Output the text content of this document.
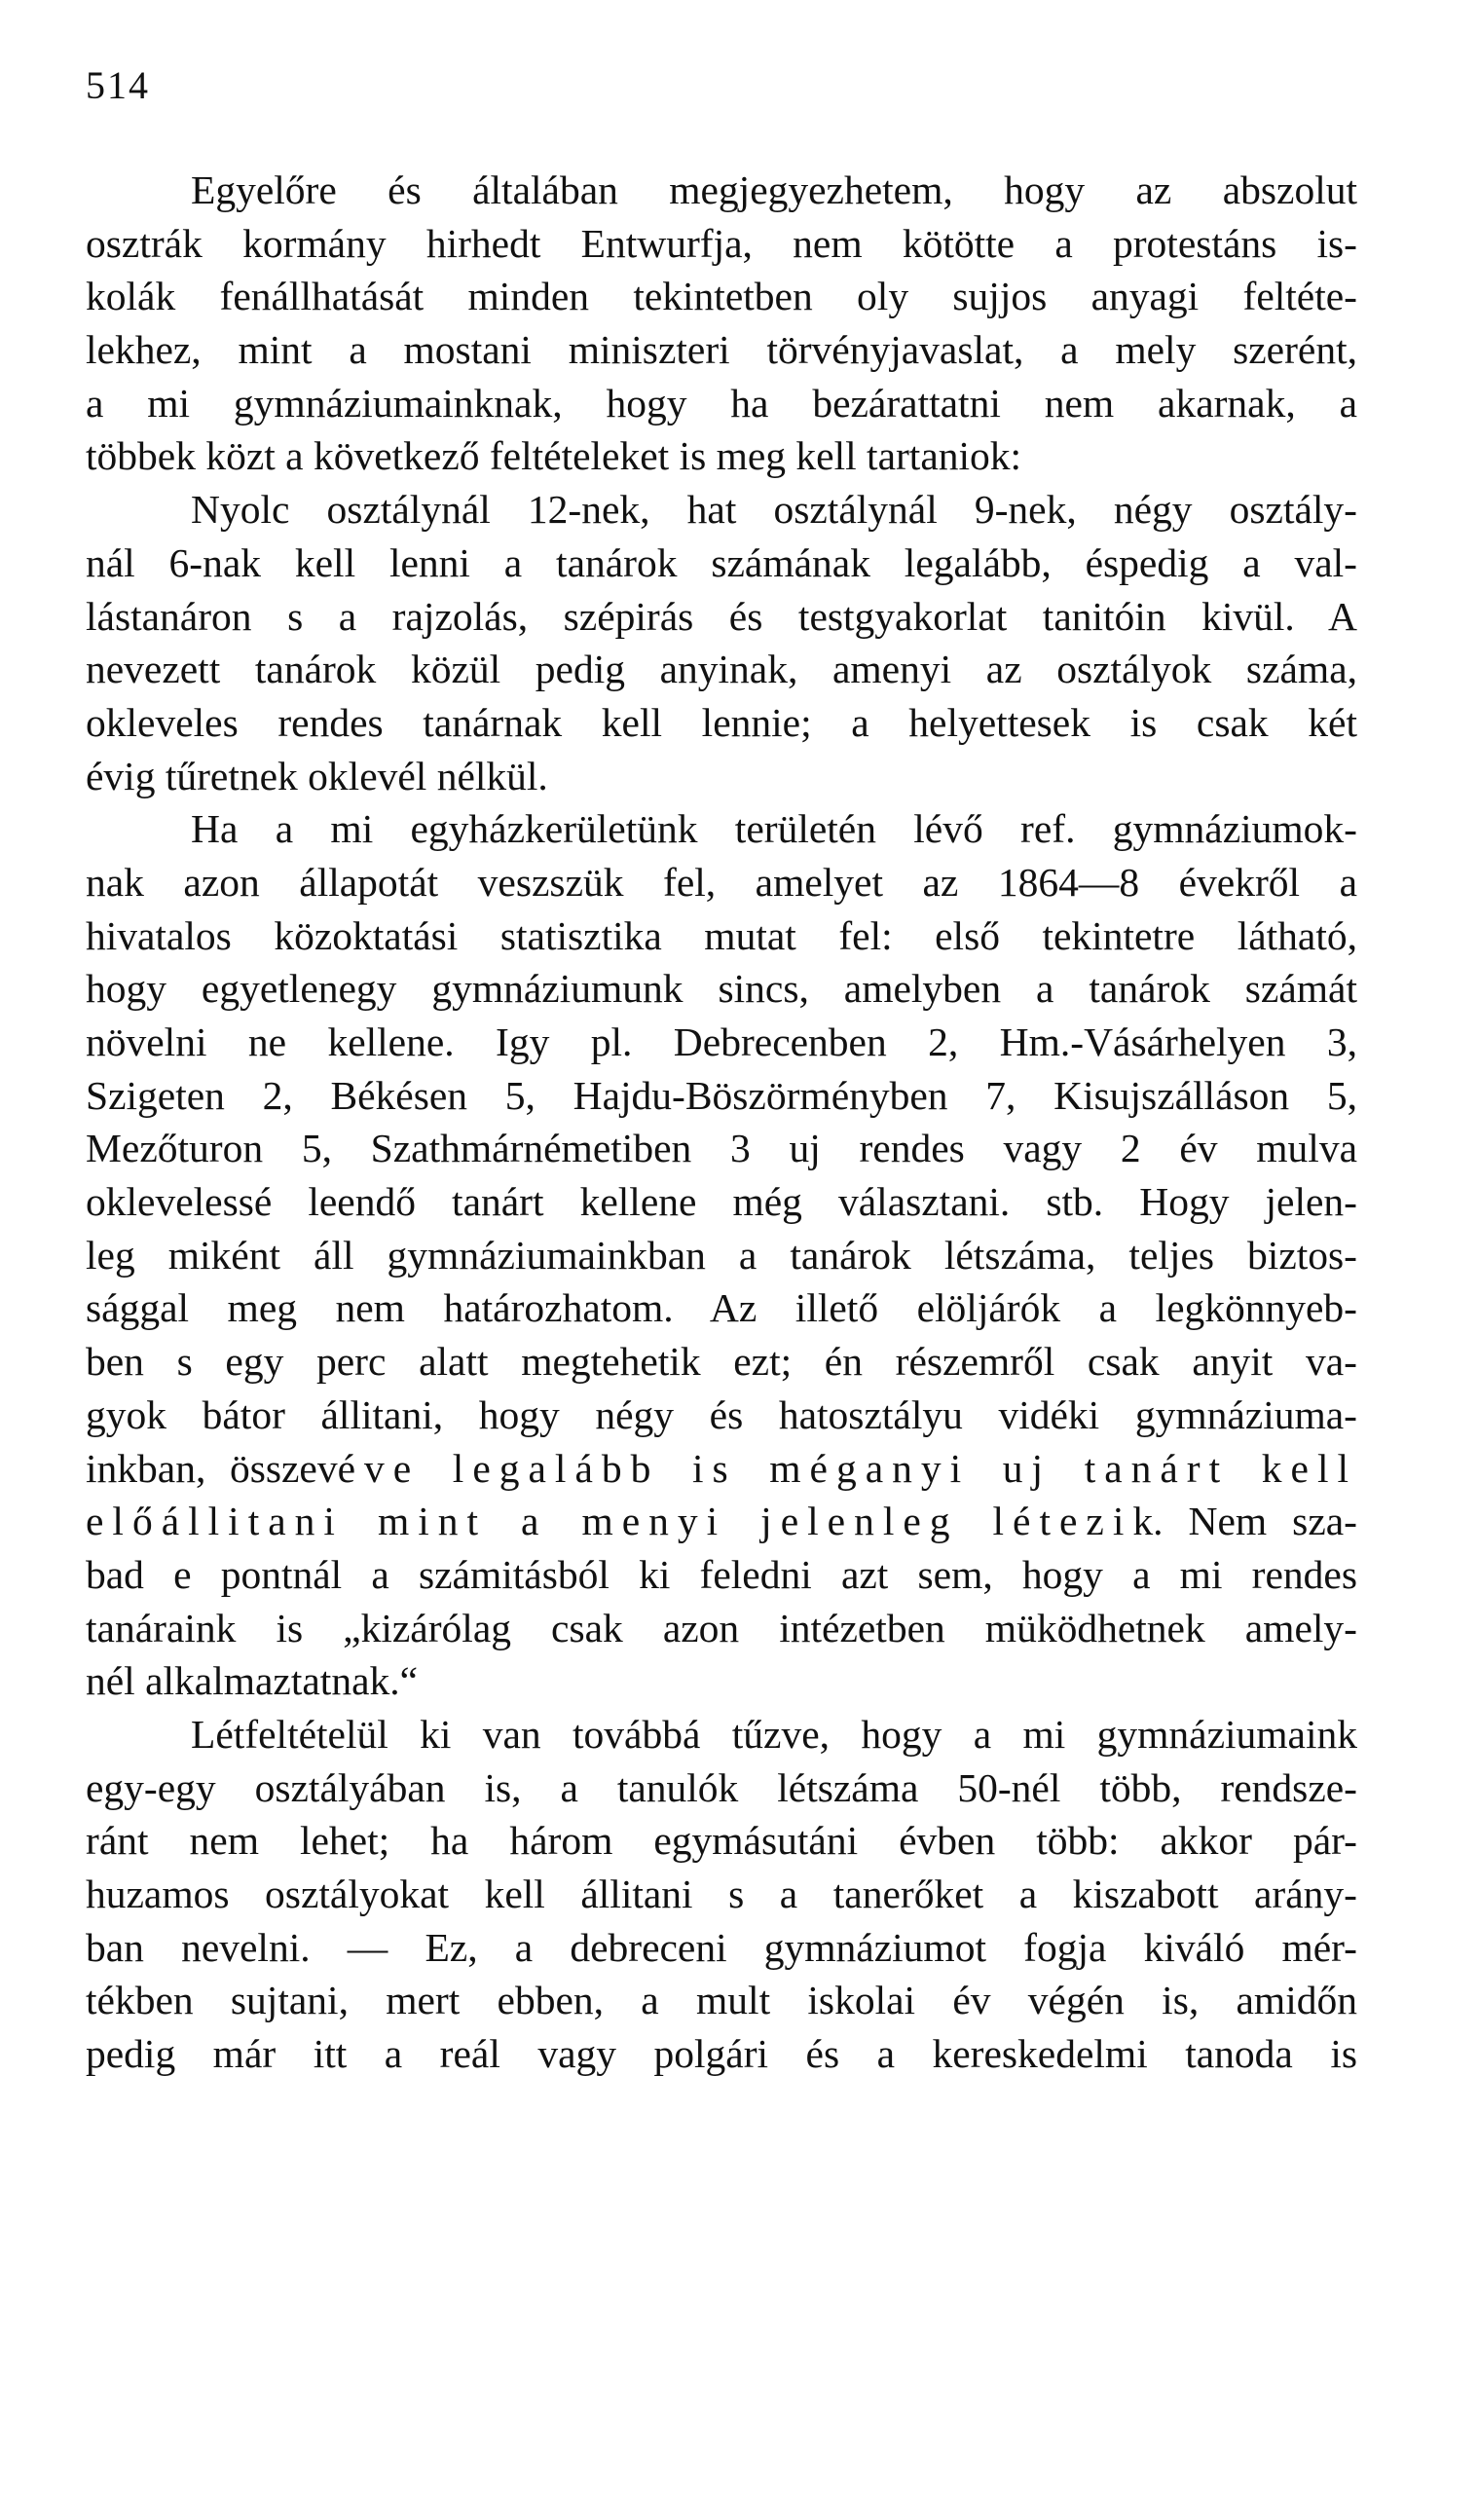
514
Egyelőre és általában megjegyezhetem, hogy az abszolut
osztrák kormány hirhedt Entwurfja, nem kötötte a protestáns is-
kolák fenállhatását minden tekintetben oly sujjos anyagi feltéte-
lekhez, mint a mostani miniszteri törvényjavaslat, a mely szerént,
a mi gymnáziumainknak, hogy ha bezárattatni nem akarnak, a
többek közt a következő feltételeket is meg kell tartaniok:
Nyolc osztálynál 12-nek, hat osztálynál 9-nek, négy osztály-
nál 6-nak kell lenni a tanárok számának legalább, éspedig a val-
lástanáron s a rajzolás, szépirás és testgyakorlat tanitóin kivül. A
nevezett tanárok közül pedig anyinak, amenyi az osztályok száma,
okleveles rendes tanárnak kell lennie; a helyettesek is csak két
évig tűretnek oklevél nélkül.
Ha a mi egyházkerületünk területén lévő ref. gymnáziumok-
nak azon állapotát veszszük fel, amelyet az 1864—8 évekről a
hivatalos közoktatási statisztika mutat fel: első tekintetre látható,
hogy egyetlenegy gymnáziumunk sincs, amelyben a tanárok számát
növelni ne kellene. Igy pl. Debrecenben 2, Hm.-Vásárhelyen 3,
Szigeten 2, Békésen 5, Hajdu-Böszörményben 7, Kisujszálláson 5,
Mezőturon 5, Szathmárnémetiben 3 uj rendes vagy 2 év mulva
oklevelessé leendő tanárt kellene még választani. stb. Hogy jelen-
leg miként áll gymnáziumainkban a tanárok létszáma, teljes biztos-
sággal meg nem határozhatom. Az illető elöljárók a legkönnyeb-
ben s egy perc alatt megtehetik ezt; én részemről csak anyit va-
gyok bátor állitani, hogy négy és hatosztályu vidéki gymnáziuma-
inkban, összevéve legalább is méganyi uj tanárt kell
előállitani mint a menyi jelenleg létezik. Nem sza-
bad e pontnál a számitásból ki feledni azt sem, hogy a mi rendes
tanáraink is „kizárólag csak azon intézetben müködhetnek amely-
nél alkalmaztatnak.“
Létfeltételül ki van továbbá tűzve, hogy a mi gymnáziumaink
egy-egy osztályában is, a tanulók létszáma 50-nél több, rendsze-
ránt nem lehet; ha három egymásutáni évben több: akkor pár-
huzamos osztályokat kell állitani s a tanerőket a kiszabott arány-
ban nevelni. — Ez, a debreceni gymnáziumot fogja kiváló mér-
tékben sujtani, mert ebben, a mult iskolai év végén is, amidőn
pedig már itt a reál vagy polgári és a kereskedelmi tanoda is
